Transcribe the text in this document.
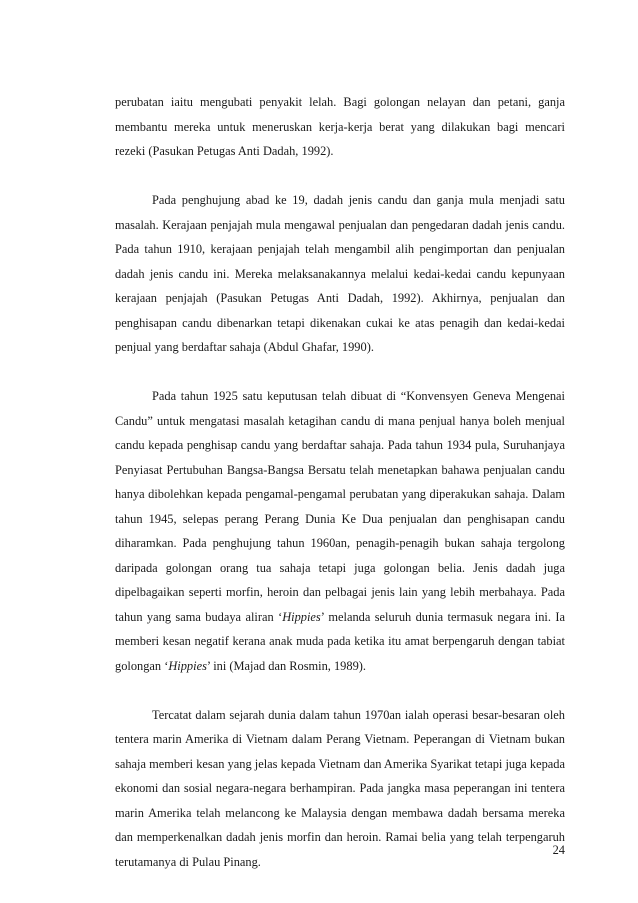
perubatan iaitu mengubati penyakit lelah. Bagi golongan nelayan dan petani, ganja membantu mereka untuk meneruskan kerja-kerja berat yang dilakukan bagi mencari rezeki (Pasukan Petugas Anti Dadah, 1992).

Pada penghujung abad ke 19, dadah jenis candu dan ganja mula menjadi satu masalah. Kerajaan penjajah mula mengawal penjualan dan pengedaran dadah jenis candu. Pada tahun 1910, kerajaan penjajah telah mengambil alih pengimportan dan penjualan dadah jenis candu ini. Mereka melaksanakannya melalui kedai-kedai candu kepunyaan kerajaan penjajah (Pasukan Petugas Anti Dadah, 1992). Akhirnya, penjualan dan penghisapan candu dibenarkan tetapi dikenakan cukai ke atas penagih dan kedai-kedai penjual yang berdaftar sahaja (Abdul Ghafar, 1990).

Pada tahun 1925 satu keputusan telah dibuat di “Konvensyen Geneva Mengenai Candu” untuk mengatasi masalah ketagihan candu di mana penjual hanya boleh menjual candu kepada penghisap candu yang berdaftar sahaja. Pada tahun 1934 pula, Suruhanjaya Penyiasat Pertubuhan Bangsa-Bangsa Bersatu telah menetapkan bahawa penjualan candu hanya dibolehkan kepada pengamal-pengamal perubatan yang diperakukan sahaja. Dalam tahun 1945, selepas perang Perang Dunia Ke Dua penjualan dan penghisapan candu diharamkan. Pada penghujung tahun 1960an, penagih-penagih bukan sahaja tergolong daripada golongan orang tua sahaja tetapi juga golongan belia. Jenis dadah juga dipelbagaikan seperti morfin, heroin dan pelbagai jenis lain yang lebih merbahaya. Pada tahun yang sama budaya aliran ‘Hippies’ melanda seluruh dunia termasuk negara ini. Ia memberi kesan negatif kerana anak muda pada ketika itu amat berpengaruh dengan tabiat golongan ‘Hippies’ ini (Majad dan Rosmin, 1989).

Tercatat dalam sejarah dunia dalam tahun 1970an ialah operasi besar-besaran oleh tentera marin Amerika di Vietnam dalam Perang Vietnam. Peperangan di Vietnam bukan sahaja memberi kesan yang jelas kepada Vietnam dan Amerika Syarikat tetapi juga kepada ekonomi dan sosial negara-negara berhampiran. Pada jangka masa peperangan ini tentera marin Amerika telah melancong ke Malaysia dengan membawa dadah bersama mereka dan memperkenalkan dadah jenis morfin dan heroin. Ramai belia yang telah terpengaruh terutamanya di Pulau Pinang.

24
